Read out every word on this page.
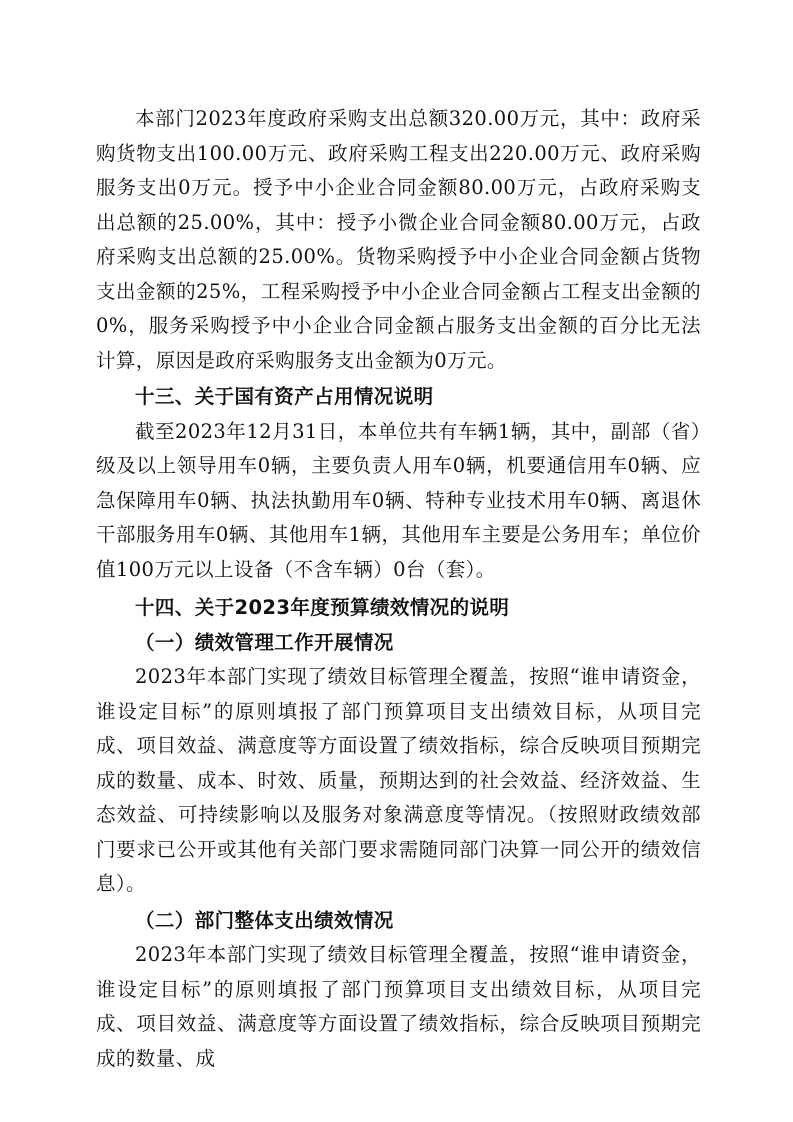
本部门2023年度政府采购支出总额320.00万元，其中：政府采购货物支出100.00万元、政府采购工程支出220.00万元、政府采购服务支出0万元。授予中小企业合同金额80.00万元，占政府采购支出总额的25.00%，其中：授予小微企业合同金额80.00万元，占政府采购支出总额的25.00%。货物采购授予中小企业合同金额占货物支出金额的25%，工程采购授予中小企业合同金额占工程支出金额的0%，服务采购授予中小企业合同金额占服务支出金额的百分比无法计算，原因是政府采购服务支出金额为0万元。

十三、关于国有资产占用情况说明

截至2023年12月31日，本单位共有车辆1辆，其中，副部（省）级及以上领导用车0辆，主要负责人用车0辆，机要通信用车0辆、应急保障用车0辆、执法执勤用车0辆、特种专业技术用车0辆、离退休干部服务用车0辆、其他用车1辆，其他用车主要是公务用车；单位价值100万元以上设备（不含车辆）0台（套）。

十四、关于2023年度预算绩效情况的说明

（一）绩效管理工作开展情况

2023年本部门实现了绩效目标管理全覆盖，按照“谁申请资金，谁设定目标”的原则填报了部门预算项目支出绩效目标，从项目完成、项目效益、满意度等方面设置了绩效指标，综合反映项目预期完成的数量、成本、时效、质量，预期达到的社会效益、经济效益、生态效益、可持续影响以及服务对象满意度等情况。（按照财政绩效部门要求已公开或其他有关部门要求需随同部门决算一同公开的绩效信息）。

（二）部门整体支出绩效情况

2023年本部门实现了绩效目标管理全覆盖，按照“谁申请资金，谁设定目标”的原则填报了部门预算项目支出绩效目标，从项目完成、项目效益、满意度等方面设置了绩效指标，综合反映项目预期完成的数量、成
